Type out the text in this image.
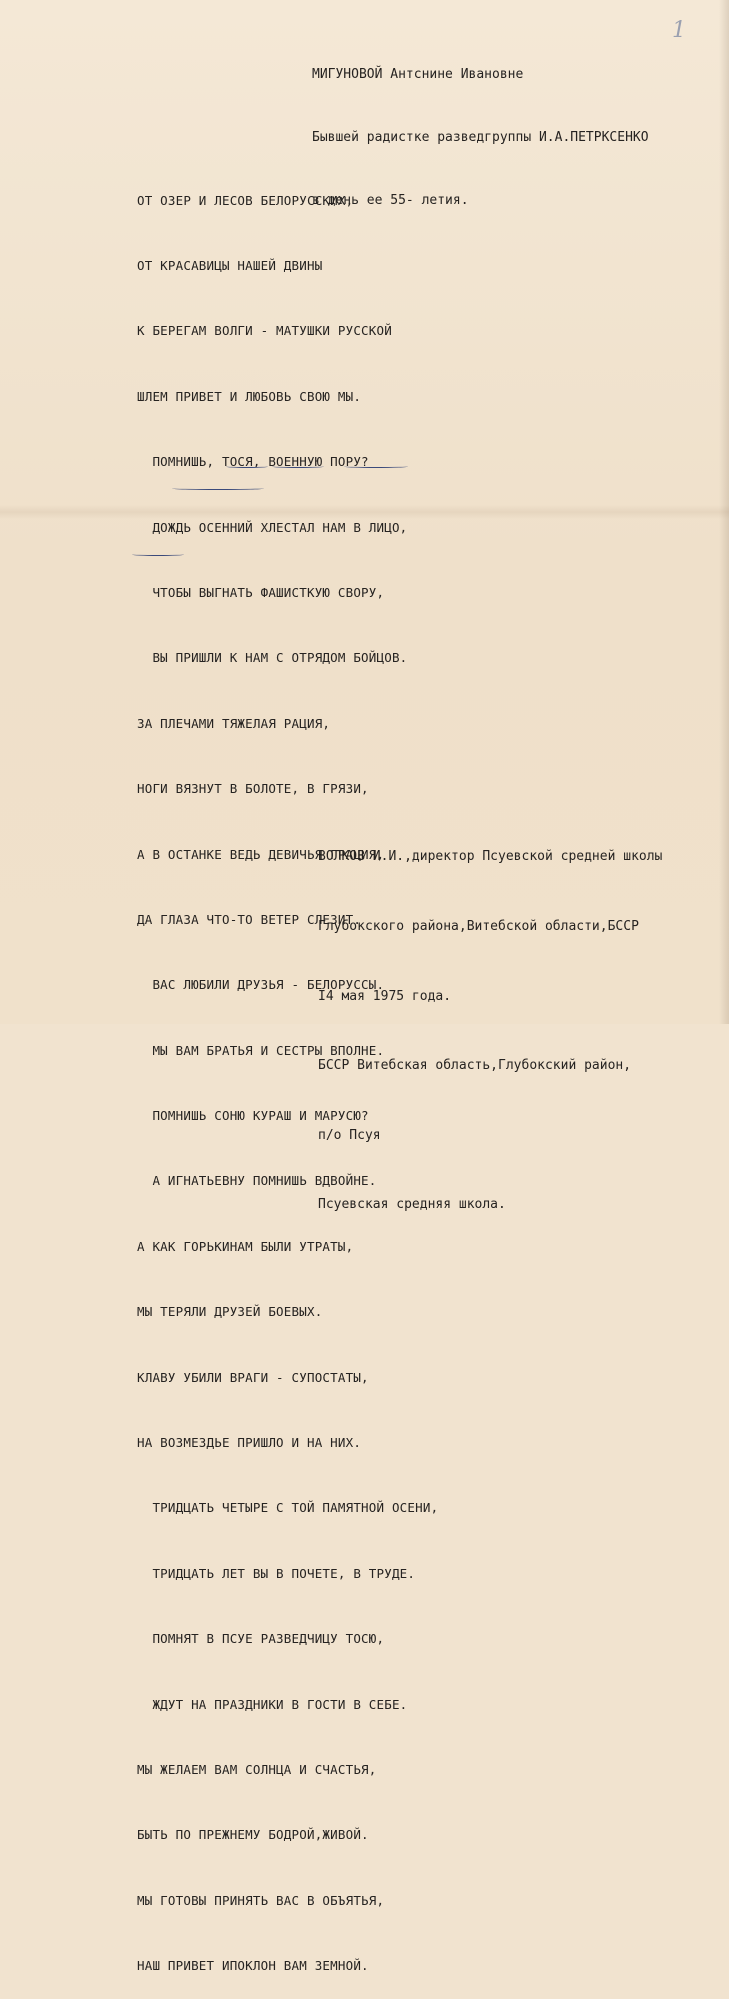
1

МИГУНОВОЙ Антснине Ивановне

Бывшей радистке разведгруппы И.А.ПЕТРКСЕНКО

в день ее 55- летия.

ОТ ОЗЕР И ЛЕСОВ БЕЛОРУССКИХ,

ОТ КРАСАВИЦЫ НАШЕЙ ДВИНЫ

К БЕРЕГАМ ВОЛГИ - МАТУШКИ РУССКОЙ

ШЛЕМ ПРИВЕТ И ЛЮБОВЬ СВОЮ МЫ.

ПОМНИШЬ, ТОСЯ, ВОЕННУЮ ПОРУ?

ДОЖДЬ ОСЕННИЙ ХЛЕСТАЛ НАМ В ЛИЦО,

ЧТОБЫ ВЫГНАТЬ ФАШИСТКУЮ СВОРУ,

ВЫ ПРИШЛИ К НАМ С ОТРЯДОМ БОЙЦОВ.

ЗА ПЛЕЧАМИ ТЯЖЕЛАЯ РАЦИЯ,

НОГИ ВЯЗНУТ В БОЛОТЕ, В ГРЯЗИ,

А В ОСТАНКЕ ВЕДЬ ДЕВИЧЬЯ ГРАЦИЯ,

ДА ГЛАЗА ЧТО-ТО ВЕТЕР СЛЕЗИТ.

ВАС ЛЮБИЛИ ДРУЗЬЯ - БЕЛОРУССЫ.

МЫ ВАМ БРАТЬЯ И СЕСТРЫ ВПОЛНЕ.

ПОМНИШЬ СОНЮ КУРАШ И МАРУСЮ?

А ИГНАТЬЕВНУ ПОМНИШЬ ВДВОЙНЕ.

А КАК ГОРЬКИНАМ БЫЛИ УТРАТЫ,

МЫ ТЕРЯЛИ ДРУЗЕЙ БОЕВЫХ.

КЛАВУ УБИЛИ ВРАГИ - СУПОСТАТЫ,

НА ВОЗМЕЗДЬЕ ПРИШЛО И НА НИХ.

ТРИДЦАТЬ ЧЕТЫРЕ С ТОЙ ПАМЯТНОЙ ОСЕНИ,

ТРИДЦАТЬ ЛЕТ ВЫ В ПОЧЕТЕ, В ТРУДЕ.

ПОМНЯТ В ПСУЕ РАЗВЕДЧИЦУ ТОСЮ,

ЖДУТ НА ПРАЗДНИКИ В ГОСТИ В СЕБЕ.

МЫ ЖЕЛАЕМ ВАМ СОЛНЦА И СЧАСТЬЯ,

БЫТЬ ПО ПРЕЖНЕМУ БОДРОЙ,ЖИВОЙ.

МЫ ГОТОВЫ ПРИНЯТЬ ВАС В ОБЪЯТЬЯ,

НАШ ПРИВЕТ ИПОКЛОН ВАМ ЗЕМНОЙ.

ВОЛКОВ И.И.,директор Псуевской средней школы

Глубокского района,Витебской области,БССР

I4 мая 1975 года.

БССР Витебская область,Глубокский район,

п/о Псуя

Псуевская средняя школа.
